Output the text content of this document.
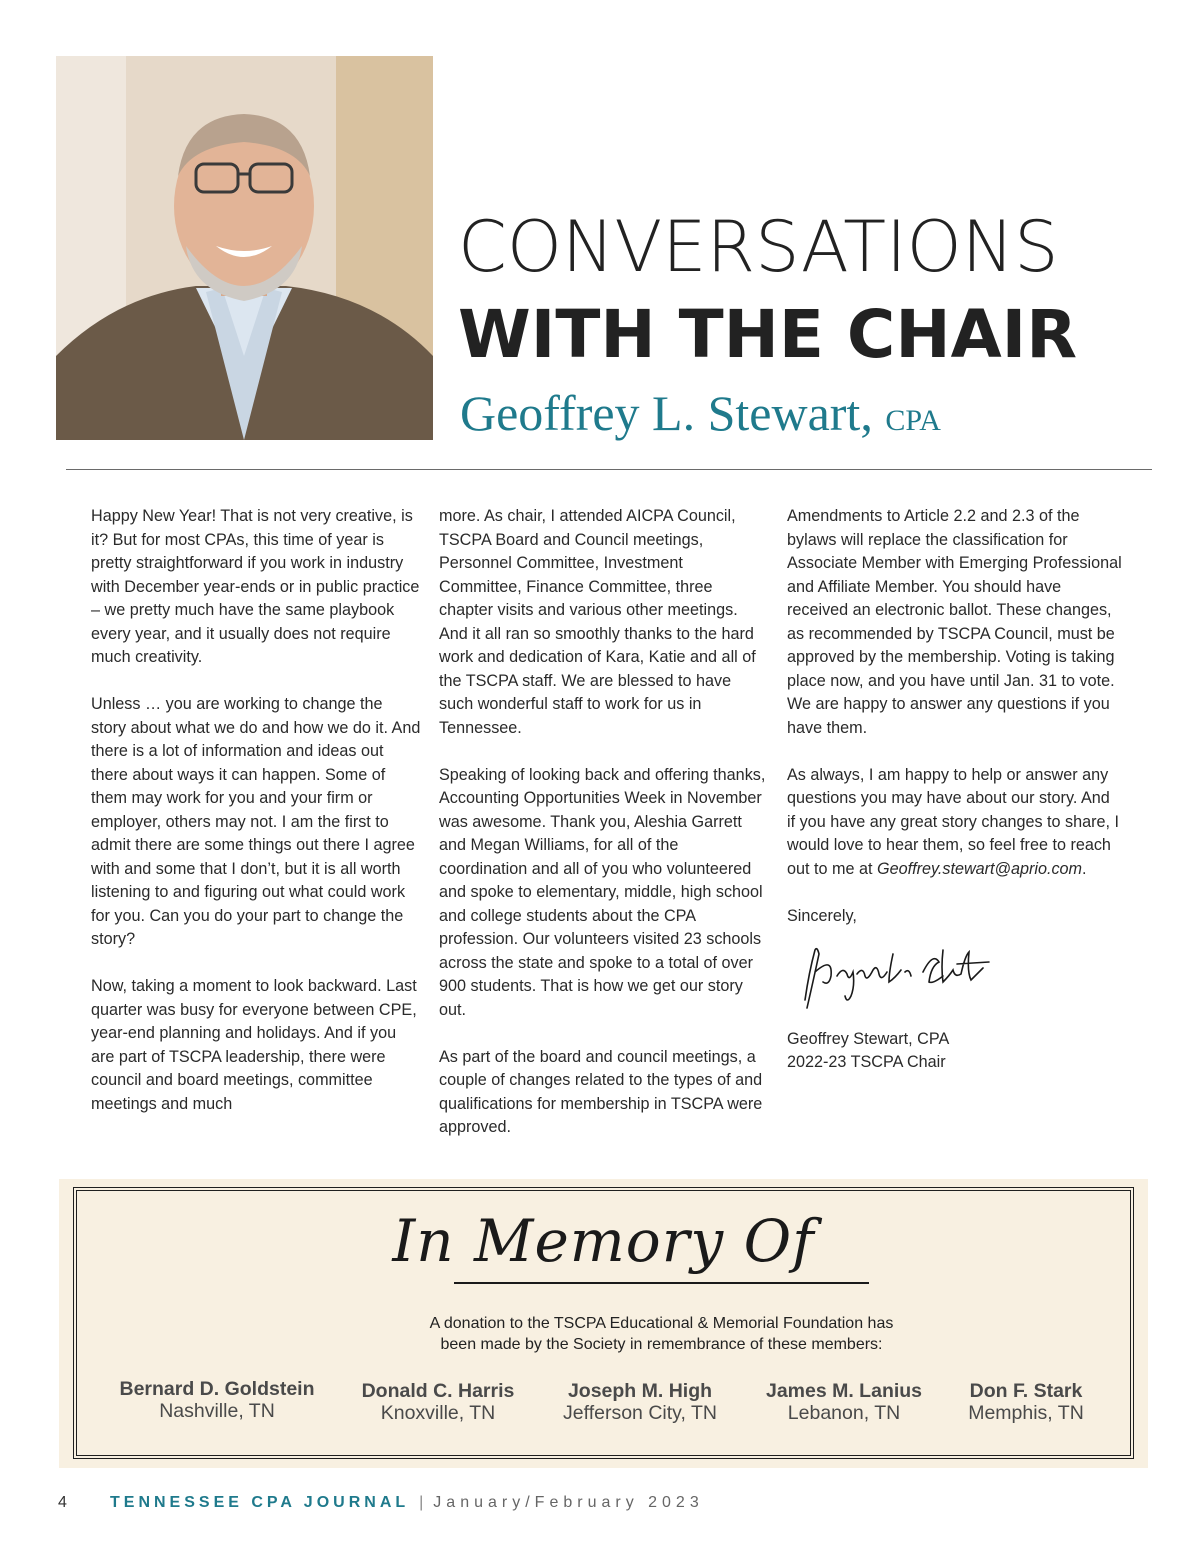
CONVERSATIONS
WITH THE CHAIR
Geoffrey L. Stewart, CPA

Happy New Year! That is not very creative, is it? But for most CPAs, this time of year is pretty straightforward if you work in industry with December year-ends or in public practice – we pretty much have the same playbook every year, and it usually does not require much creativity.

Unless … you are working to change the story about what we do and how we do it. And there is a lot of information and ideas out there about ways it can happen. Some of them may work for you and your firm or employer, others may not. I am the first to admit there are some things out there I agree with and some that I don’t, but it is all worth listening to and figuring out what could work for you. Can you do your part to change the story?

Now, taking a moment to look backward. Last quarter was busy for everyone between CPE, year-end planning and holidays. And if you are part of TSCPA leadership, there were council and board meetings, committee meetings and much

more. As chair, I attended AICPA Council, TSCPA Board and Council meetings, Personnel Committee, Investment Committee, Finance Committee, three chapter visits and various other meetings. And it all ran so smoothly thanks to the hard work and dedication of Kara, Katie and all of the TSCPA staff. We are blessed to have such wonderful staff to work for us in Tennessee.

Speaking of looking back and offering thanks, Accounting Opportunities Week in November was awesome. Thank you, Aleshia Garrett and Megan Williams, for all of the coordination and all of you who volunteered and spoke to elementary, middle, high school and college students about the CPA profession. Our volunteers visited 23 schools across the state and spoke to a total of over 900 students. That is how we get our story out.

As part of the board and council meetings, a couple of changes related to the types of and qualifications for membership in TSCPA were approved.

Amendments to Article 2.2 and 2.3 of the bylaws will replace the classification for Associate Member with Emerging Professional and Affiliate Member. You should have received an electronic ballot. These changes, as recommended by TSCPA Council, must be approved by the membership. Voting is taking place now, and you have until Jan. 31 to vote. We are happy to answer any questions if you have them.

As always, I am happy to help or answer any questions you may have about our story. And if you have any great story changes to share, I would love to hear them, so feel free to reach out to me at Geoffrey.stewart@aprio.com.

Sincerely,

Geoffrey Stewart, CPA

2022-23 TSCPA Chair

In Memory Of
A donation to the TSCPA Educational & Memorial Foundation has
been made by the Society in remembrance of these members:
Bernard D. Goldstein
Nashville, TN
Donald C. Harris
Knoxville, TN
Joseph M. High
Jefferson City, TN
James M. Lanius
Lebanon, TN
Don F. Stark
Memphis, TN
4	TENNESSEE CPA JOURNAL | January/February 2023
